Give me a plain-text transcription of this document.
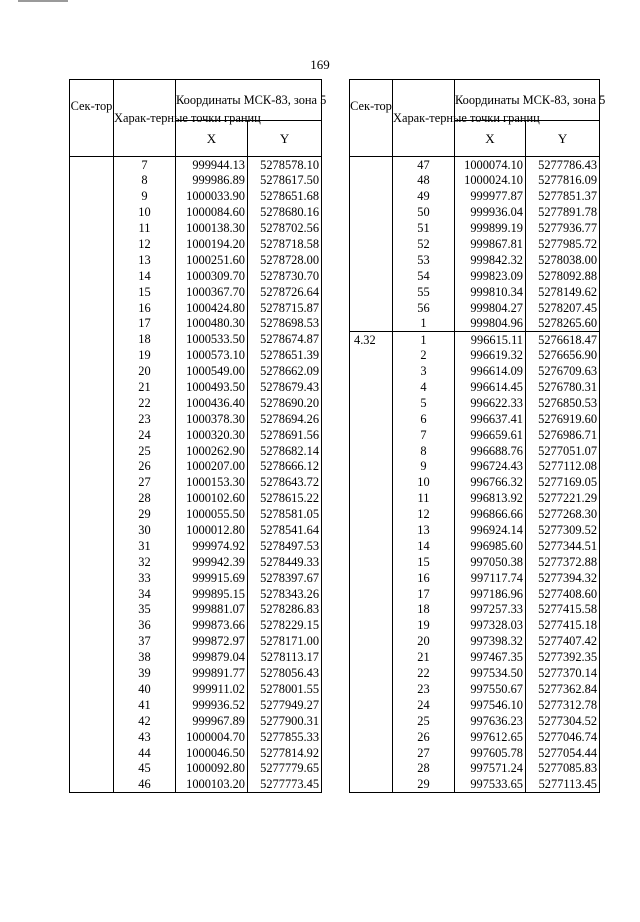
169
Сек-тор	Харак-терные точки границ	Координаты МСК-83, зона 5	
		X	Y
	7	999944.13	5278578.10
	8	999986.89	5278617.50
	9	1000033.90	5278651.68
	10	1000084.60	5278680.16
	11	1000138.30	5278702.56
	12	1000194.20	5278718.58
	13	1000251.60	5278728.00
	14	1000309.70	5278730.70
	15	1000367.70	5278726.64
	16	1000424.80	5278715.87
	17	1000480.30	5278698.53
	18	1000533.50	5278674.87
	19	1000573.10	5278651.39
	20	1000549.00	5278662.09
	21	1000493.50	5278679.43
	22	1000436.40	5278690.20
	23	1000378.30	5278694.26
	24	1000320.30	5278691.56
	25	1000262.90	5278682.14
	26	1000207.00	5278666.12
	27	1000153.30	5278643.72
	28	1000102.60	5278615.22
	29	1000055.50	5278581.05
	30	1000012.80	5278541.64
	31	999974.92	5278497.53
	32	999942.39	5278449.33
	33	999915.69	5278397.67
	34	999895.15	5278343.26
	35	999881.07	5278286.83
	36	999873.66	5278229.15
	37	999872.97	5278171.00
	38	999879.04	5278113.17
	39	999891.77	5278056.43
	40	999911.02	5278001.55
	41	999936.52	5277949.27
	42	999967.89	5277900.31
	43	1000004.70	5277855.33
	44	1000046.50	5277814.92
	45	1000092.80	5277779.65
	46	1000103.20	5277773.45
Сек-тор	Харак-терные точки границ	Координаты МСК-83, зона 5	
		X	Y
	47	1000074.10	5277786.43
	48	1000024.10	5277816.09
	49	999977.87	5277851.37
	50	999936.04	5277891.78
	51	999899.19	5277936.77
	52	999867.81	5277985.72
	53	999842.32	5278038.00
	54	999823.09	5278092.88
	55	999810.34	5278149.62
	56	999804.27	5278207.45
	1	999804.96	5278265.60
4.32	1	996615.11	5276618.47
	2	996619.32	5276656.90
	3	996614.09	5276709.63
	4	996614.45	5276780.31
	5	996622.33	5276850.53
	6	996637.41	5276919.60
	7	996659.61	5276986.71
	8	996688.76	5277051.07
	9	996724.43	5277112.08
	10	996766.32	5277169.05
	11	996813.92	5277221.29
	12	996866.66	5277268.30
	13	996924.14	5277309.52
	14	996985.60	5277344.51
	15	997050.38	5277372.88
	16	997117.74	5277394.32
	17	997186.96	5277408.60
	18	997257.33	5277415.58
	19	997328.03	5277415.18
	20	997398.32	5277407.42
	21	997467.35	5277392.35
	22	997534.50	5277370.14
	23	997550.67	5277362.84
	24	997546.10	5277312.78
	25	997636.23	5277304.52
	26	997612.65	5277046.74
	27	997605.78	5277054.44
	28	997571.24	5277085.83
	29	997533.65	5277113.45
